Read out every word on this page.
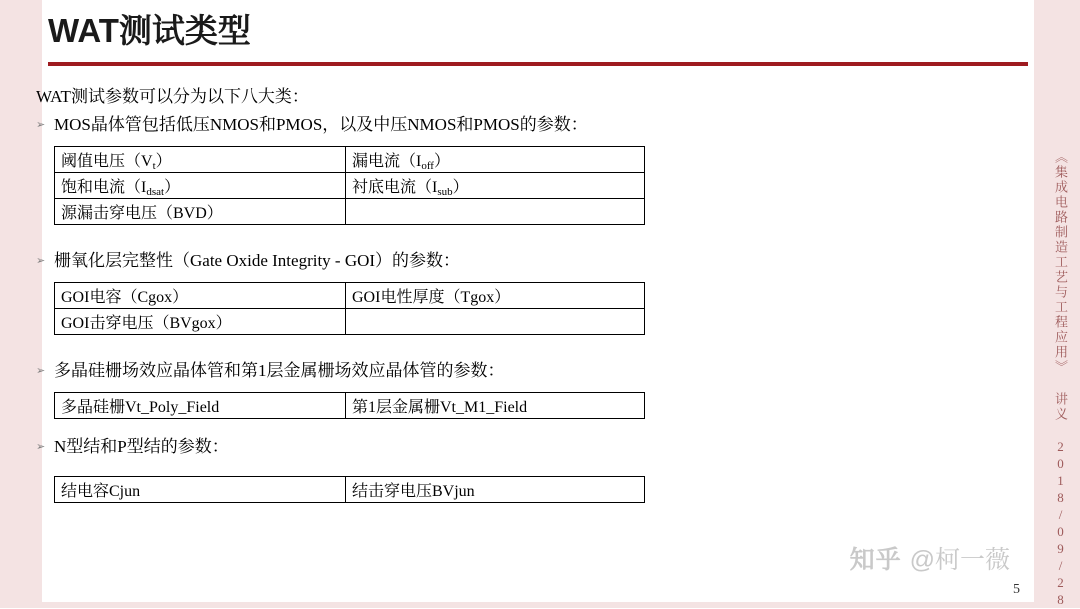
WAT测试类型
WAT测试参数可以分为以下八大类：
➢ MOS晶体管包括低压NMOS和PMOS，以及中压NMOS和PMOS的参数：
阈值电压$(V_t)$	漏电流$(I_{off})$
饱和电流$(I_{dsat})$	衬底电流$(I_{sub})$
源漏击穿电压（BVD）	
➢ 栅氧化层完整性（Gate Oxide Integrity - GOI）的参数：
GOI电容（Cgox）	GOI电性厚度（Tgox）
GOI击穿电压（BVgox）	
➢ 多晶硅栅场效应晶体管和第1层金属栅场效应晶体管的参数：
多晶硅栅Vt_Poly_Field	第1层金属栅Vt_M1_Field
➢ N型结和P型结的参数：
结电容Cjun	结击穿电压BVjun	《集成电路制造工艺与工程应用》 讲义 2018/09/28
知乎 @柯一薇
5
